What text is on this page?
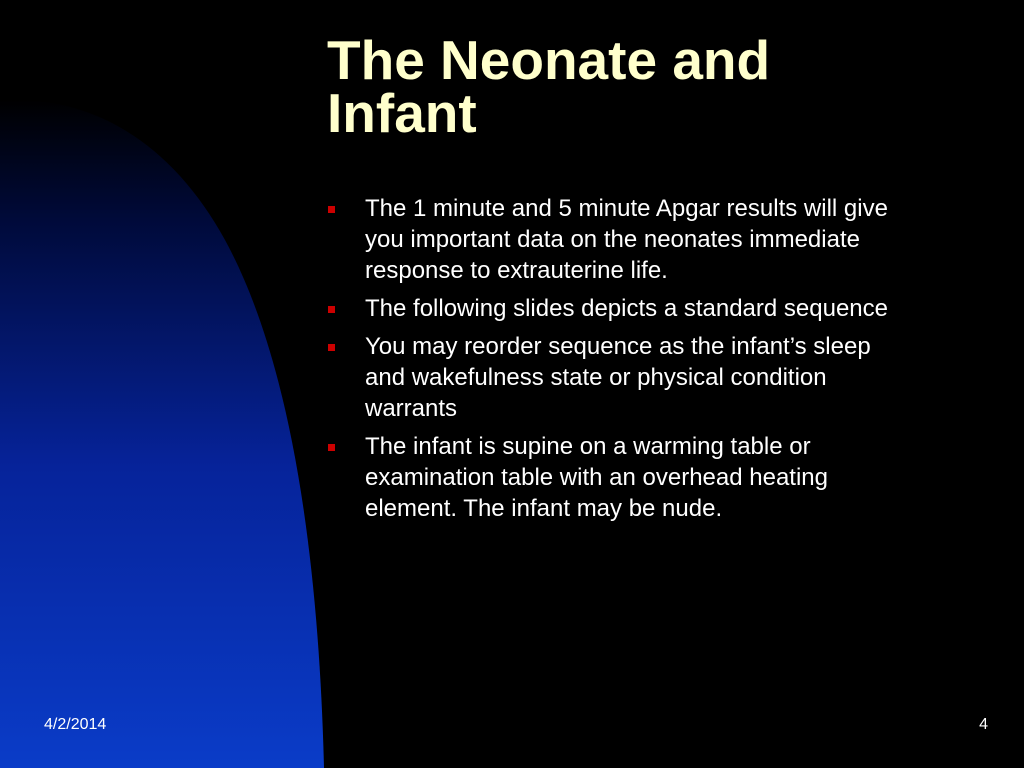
The Neonate and
Infant
The 1 minute and 5 minute Apgar results will give
you important data on the neonates immediate
response to extrauterine life.
The following slides depicts a standard sequence
You may reorder sequence as the infant’s sleep
and wakefulness state or physical condition
warrants
The infant is supine on a warming table or
examination table with an overhead heating
element. The infant may be nude.
4/2/2014	4
